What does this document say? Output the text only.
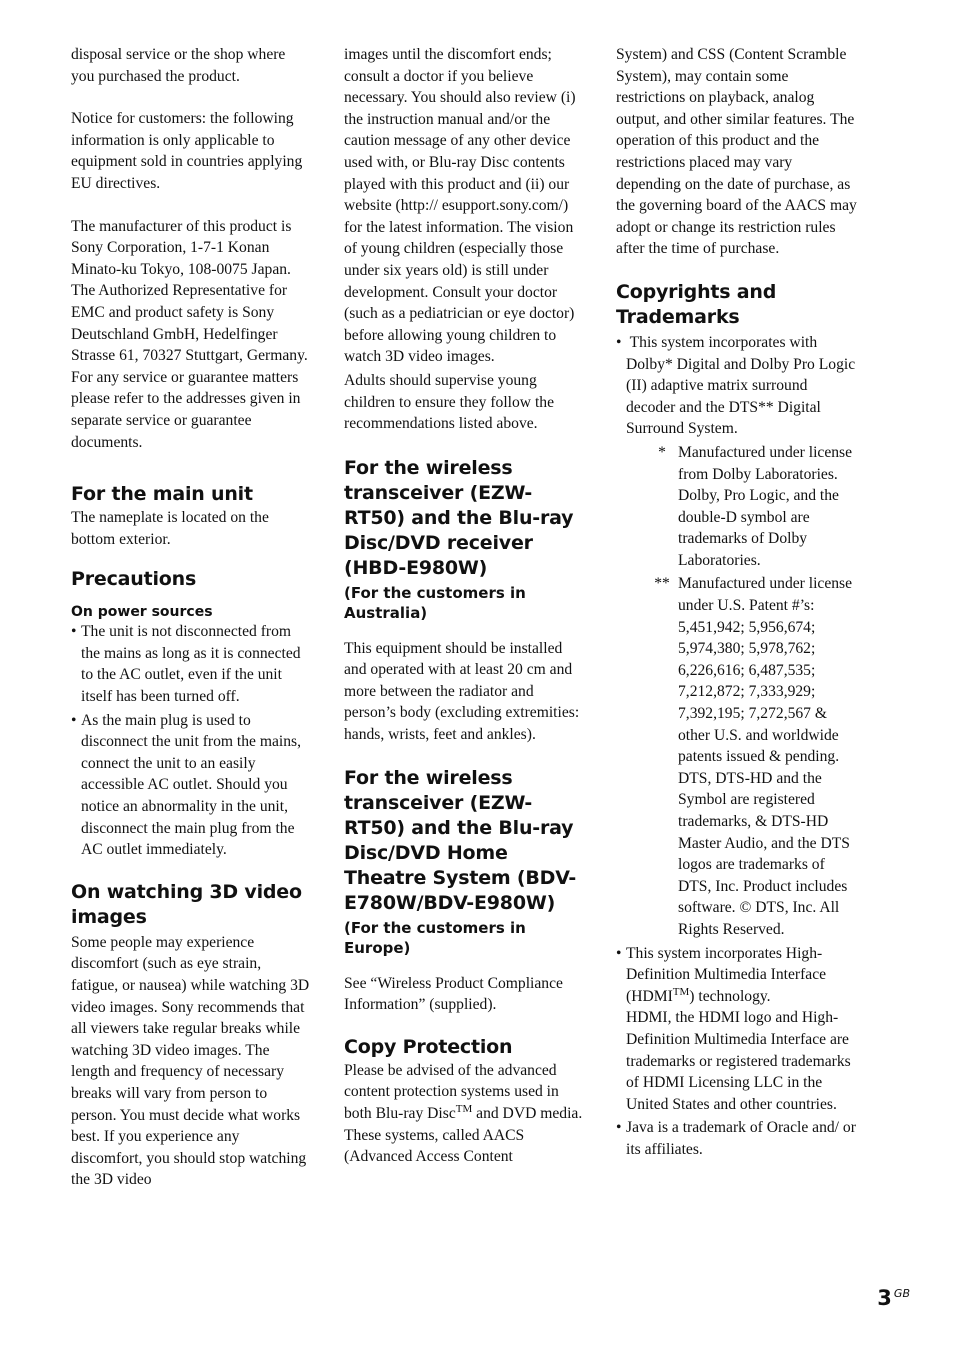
disposal service or the shop where you purchased the product.

Notice for customers: the following information is only applicable to equipment sold in countries applying EU directives.

The manufacturer of this product is Sony Corporation, 1-7-1 Konan Minato-ku Tokyo, 108-0075 Japan. The Authorized Representative for EMC and product safety is Sony Deutschland GmbH, Hedelfinger Strasse 61, 70327 Stuttgart, Germany. For any service or guarantee matters please refer to the addresses given in separate service or guarantee documents.

For the main unit

The nameplate is located on the bottom exterior.

Precautions
On power sources
• The unit is not disconnected from the mains as long as it is connected to the AC outlet, even if the unit itself has been turned off.
• As the main plug is used to disconnect the unit from the mains, connect the unit to an easily accessible AC outlet. Should you notice an abnormality in the unit, disconnect the main plug from the AC outlet immediately.
On watching 3D video images

Some people may experience discomfort (such as eye strain, fatigue, or nausea) while watching 3D video images. Sony recommends that all viewers take regular breaks while watching 3D video images. The length and frequency of necessary breaks will vary from person to person. You must decide what works best. If you experience any discomfort, you should stop watching the 3D video

images until the discomfort ends; consult a doctor if you believe necessary. You should also review (i) the instruction manual and/or the caution message of any other device used with, or Blu-ray Disc contents played with this product and (ii) our website (http:// esupport.sony.com/) for the latest information. The vision of young children (especially those under six years old) is still under development. Consult your doctor (such as a pediatrician or eye doctor) before allowing young children to watch 3D video images.

Adults should supervise young children to ensure they follow the recommendations listed above.

For the wireless transceiver (EZW-RT50) and the Blu-ray Disc/DVD receiver (HBD-E980W)
(For the customers in Australia)

This equipment should be installed and operated with at least 20 cm and more between the radiator and person’s body (excluding extremities: hands, wrists, feet and ankles).

For the wireless transceiver (EZW-RT50) and the Blu-ray Disc/DVD Home Theatre System (BDV-E780W/BDV-E980W)
(For the customers in Europe)

See “Wireless Product Compliance Information” (supplied).

Copy Protection

Please be advised of the advanced content protection systems used in both Blu-ray Disc™ and DVD media. These systems, called AACS (Advanced Access Content

System) and CSS (Content Scramble System), may contain some restrictions on playback, analog output, and other similar features. The operation of this product and the restrictions placed may vary depending on the date of purchase, as the governing board of the AACS may adopt or change its restriction rules after the time of purchase.

Copyrights and Trademarks
• This system incorporates with Dolby* Digital and Dolby Pro Logic (II) adaptive matrix surround decoder and the DTS** Digital Surround System.
* Manufactured under license from Dolby Laboratories. Dolby, Pro Logic, and the double-D symbol are trademarks of Dolby Laboratories.
** Manufactured under license under U.S. Patent #’s: 5,451,942; 5,956,674; 5,974,380; 5,978,762; 6,226,616; 6,487,535; 7,212,872; 7,333,929; 7,392,195; 7,272,567 & other U.S. and worldwide patents issued & pending. DTS, DTS-HD and the Symbol are registered trademarks, & DTS-HD Master Audio, and the DTS logos are trademarks of DTS, Inc. Product includes software. © DTS, Inc. All Rights Reserved.
• This system incorporates High-Definition Multimedia Interface (HDMI™) technology.
HDMI, the HDMI logo and High-Definition Multimedia Interface are trademarks or registered trademarks of HDMI Licensing LLC in the United States and other countries.
• Java is a trademark of Oracle and/ or its affiliates.
3 $^{GB}$
